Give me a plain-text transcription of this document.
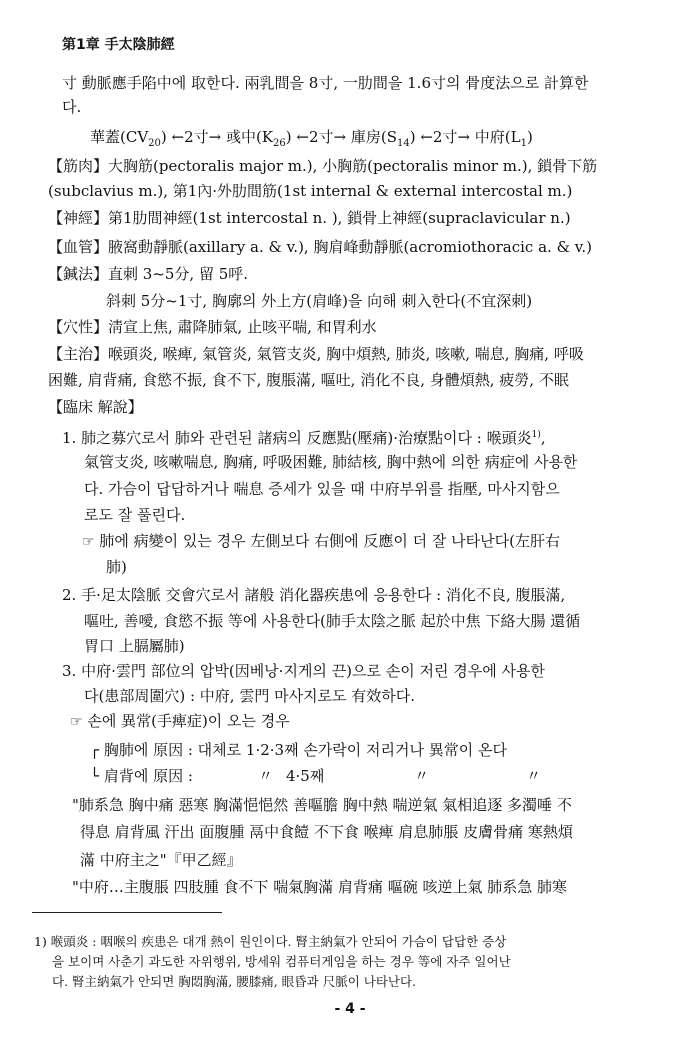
第1章 手太陰肺經
寸 動脈應手陷中에 取한다. 兩乳間을 8寸, 一肋間을 1.6寸의 骨度法으로 計算한
다.
華蓋$(CV_{20})$ ←2寸→ 彧中$(K_{26})$ ←2寸→ 庫房$(S_{14})$ ←2寸→ 中府$(L_1)$
【筋肉】大胸筋(pectoralis major m.), 小胸筋(pectoralis minor m.), 鎖骨下筋
(subclavius m.), 第1內·外肋間筋(1st internal & external intercostal m.)
【神經】第1肋間神經(1st intercostal n. ), 鎖骨上神經(supraclavicular n.)
【血管】腋窩動靜脈(axillary a. & v.), 胸肩峰動靜脈(acromiothoracic a. & v.)
【鍼法】直刺 3~5分, 留 5呼.
斜刺 5分~1寸, 胸廓의 外上方(肩峰)을 向해 刺入한다(不宜深刺)
【穴性】淸宣上焦, 肅降肺氣, 止咳平喘, 和胃利水
【主治】喉頭炎, 喉痺, 氣管炎, 氣管支炎, 胸中煩熱, 肺炎, 咳嗽, 喘息, 胸痛, 呼吸
困難, 肩背痛, 食慾不振, 食不下, 腹脹滿, 嘔吐, 消化不良, 身體煩熱, 疲勞, 不眠
【臨床 解說】
1. 肺之募穴로서 肺와 관련된 諸病의 反應點(壓痛)·治療點이다 : 喉頭炎$^{1)}$,
氣管支炎, 咳嗽喘息, 胸痛, 呼吸困難, 肺結核, 胸中熱에 의한 病症에 사용한
다. 가슴이 답답하거나 喘息 증세가 있을 때 中府부위를 指壓, 마사지함으
로도 잘 풀린다.
☞ 肺에 病變이 있는 경우 左側보다 右側에 反應이 더 잘 나타난다(左肝右
肺)
2. 手·足太陰脈 交會穴로서 諸般 消化器疾患에 응용한다 : 消化不良, 腹脹滿,
嘔吐, 善噯, 食慾不振 等에 사용한다(肺手太陰之脈 起於中焦 下絡大腸 還循
胃口 上膈屬肺)
3. 中府·雲門 部位의 압박(因베낭·지게의 끈)으로 손이 저린 경우에 사용한
다(患部周圍穴) : 中府, 雲門 마사지로도 有效하다.
☞ 손에 異常(手痺症)이 오는 경우
┌ 胸肺에 原因 : 대체로 1·2·3째 손가락이 저리거나 異常이 온다
└ 肩背에 原因 :	〃 4·5째	〃	〃
"肺系急 胸中痛 惡寒 胸滿悒悒然 善嘔膽 胸中熱 喘逆氣 氣相追逐 多濁唾 不
得息 肩背風 汗出 面腹腫 鬲中食饐 不下食 喉痺 肩息肺脹 皮膚骨痛 寒熱煩
滿 中府主之"『甲乙經』
"中府…主腹脹 四肢腫 食不下 喘氣胸滿 肩背痛 嘔碗 咳逆上氣 肺系急 肺寒
1) 喉頭炎 : 咽喉의 疾患은 대개 熱이 원인이다. 腎主納氣가 안되어 가슴이 답답한 증상
을 보이며 사춘기 과도한 자위행위, 방세워 컴퓨터게임을 하는 경우 等에 자주 일어난
다. 腎主納氣가 안되면 胸悶胸滿, 腰膝痛, 眼昏과 尺脈이 나타난다.
- 4 -
